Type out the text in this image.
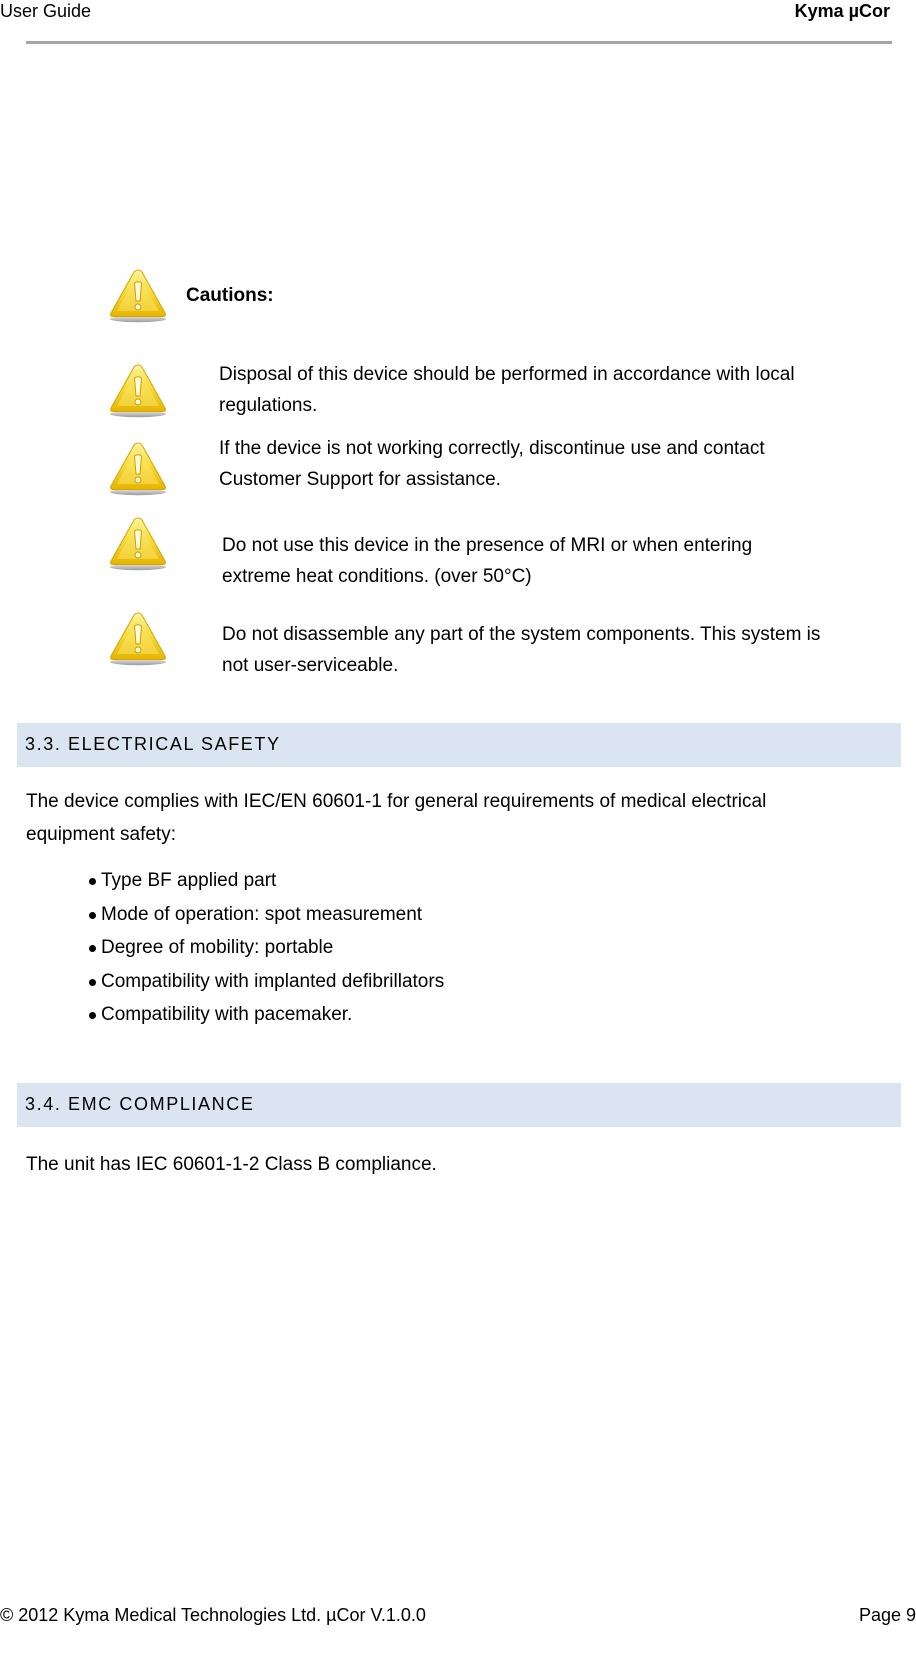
User Guide	Kyma µCor
Cautions:
Disposal of this device should be performed in accordance with local
regulations.
If the device is not working correctly, discontinue use and contact
Customer Support for assistance.
Do not use this device in the presence of MRI or when entering
extreme heat conditions. (over 50°C)
Do not disassemble any part of the system components. This system is
not user-serviceable.
3.3. ELECTRICAL SAFETY
The device complies with IEC/EN 60601-1 for general requirements of medical electrical
equipment safety:
Type BF applied part
Mode of operation: spot measurement
Degree of mobility: portable
Compatibility with implanted defibrillators
Compatibility with pacemaker.
3.4. EMC COMPLIANCE
The unit has IEC 60601-1-2 Class B compliance.
© 2012 Kyma Medical Technologies Ltd. µCor V.1.0.0	Page 9
